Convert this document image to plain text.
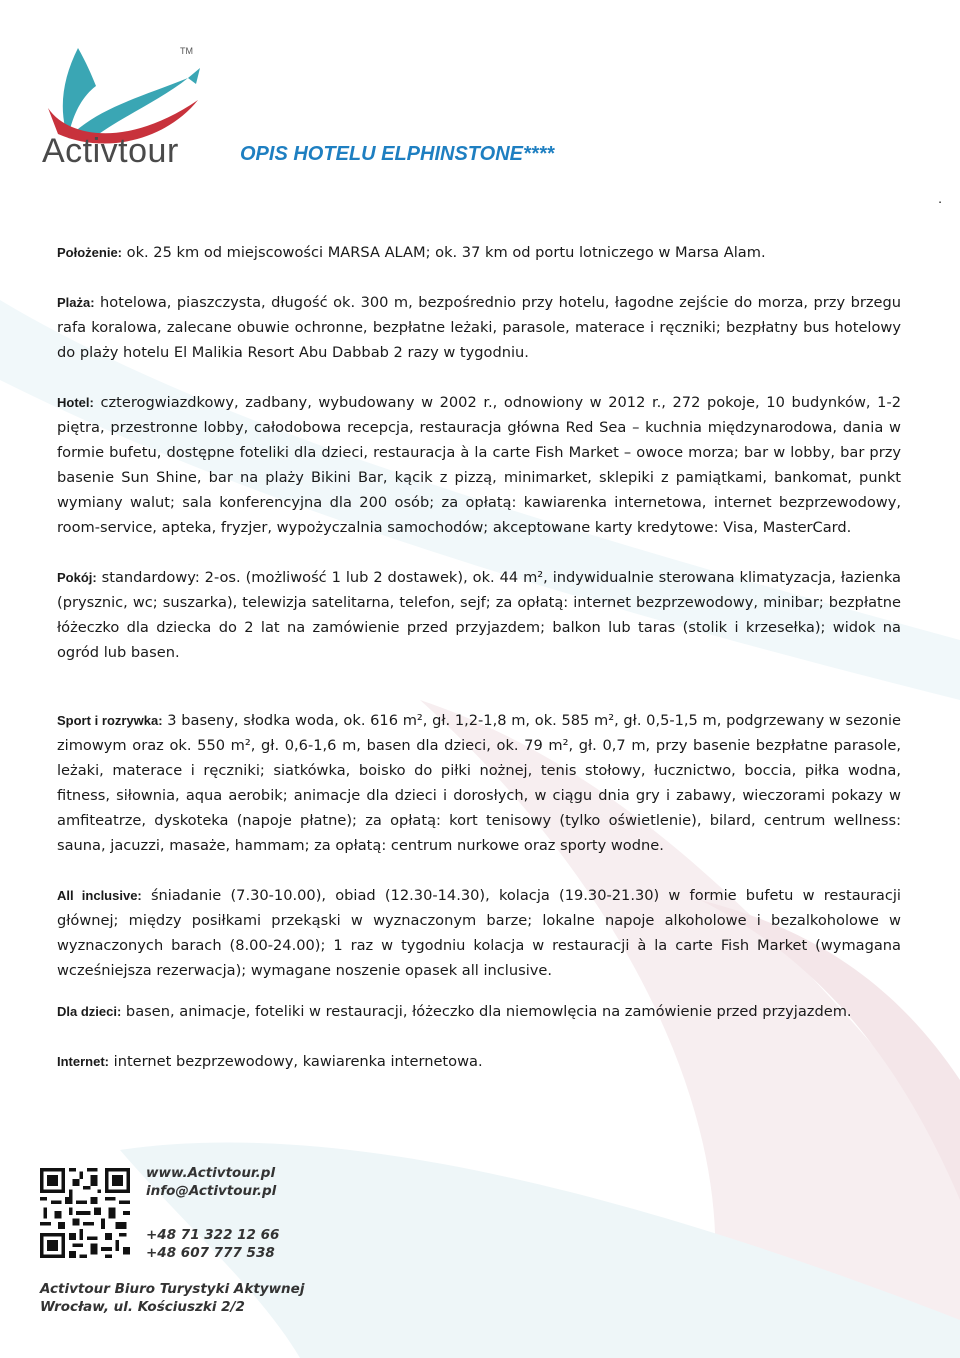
TM
Activtour	OPIS HOTELU ELPHINSTONE****
.

Położenie: ok. 25 km od miejscowości MARSA ALAM; ok. 37 km od portu lotniczego w Marsa Alam.

Plaża: hotelowa, piaszczysta, długość ok. 300 m, bezpośrednio przy hotelu, łagodne zejście do morza, przy brzegu rafa koralowa, zalecane obuwie ochronne, bezpłatne leżaki, parasole, materace i ręczniki; bezpłatny bus hotelowy do plaży hotelu El Malikia Resort Abu Dabbab 2 razy w tygodniu.

Hotel: czterogwiazdkowy, zadbany, wybudowany w 2002 r., odnowiony w 2012 r., 272 pokoje, 10 budynków, 1-2 piętra, przestronne lobby, całodobowa recepcja, restauracja główna Red Sea – kuchnia międzynarodowa, dania w formie bufetu, dostępne foteliki dla dzieci, restauracja à la carte Fish Market – owoce morza; bar w lobby, bar przy basenie Sun Shine, bar na plaży Bikini Bar, kącik z pizzą, minimarket, sklepiki z pamiątkami, bankomat, punkt wymiany walut; sala konferencyjna dla 200 osób; za opłatą: kawiarenka internetowa, internet bezprzewodowy, room-service, apteka, fryzjer, wypożyczalnia samochodów; akceptowane karty kredytowe: Visa, MasterCard.

Pokój: standardowy: 2-os. (możliwość 1 lub 2 dostawek), ok. 44 m², indywidualnie sterowana klimatyzacja, łazienka (prysznic, wc; suszarka), telewizja satelitarna, telefon, sejf; za opłatą: internet bezprzewodowy, minibar; bezpłatne łóżeczko dla dziecka do 2 lat na zamówienie przed przyjazdem; balkon lub taras (stolik i krzesełka); widok na ogród lub basen.

Sport i rozrywka: 3 baseny, słodka woda, ok. 616 m², gł. 1,2-1,8 m, ok. 585 m², gł. 0,5-1,5 m, podgrzewany w sezonie zimowym oraz ok. 550 m², gł. 0,6-1,6 m, basen dla dzieci, ok. 79 m², gł. 0,7 m, przy basenie bezpłatne parasole, leżaki, materace i ręczniki; siatkówka, boisko do piłki nożnej, tenis stołowy, łucznictwo, boccia, piłka wodna, fitness, siłownia, aqua aerobik; animacje dla dzieci i dorosłych, w ciągu dnia gry i zabawy, wieczorami pokazy w amfiteatrze, dyskoteka (napoje płatne); za opłatą: kort tenisowy (tylko oświetlenie), bilard, centrum wellness: sauna, jacuzzi, masaże, hammam; za opłatą: centrum nurkowe oraz sporty wodne.

All inclusive: śniadanie (7.30-10.00), obiad (12.30-14.30), kolacja (19.30-21.30) w formie bufetu w restauracji głównej; między posiłkami przekąski w wyznaczonym barze; lokalne napoje alkoholowe i bezalkoholowe w wyznaczonych barach (8.00-24.00); 1 raz w tygodniu kolacja w restauracji à la carte Fish Market (wymagana wcześniejsza rezerwacja); wymagane noszenie opasek all inclusive.

Dla dzieci: basen, animacje, foteliki w restauracji, łóżeczko dla niemowlęcia na zamówienie przed przyjazdem.

Internet: internet bezprzewodowy, kawiarenka internetowa.

www.Activtour.pl
info@Activtour.pl
+48 71 322 12 66
+48 607 777 538
Activtour Biuro Turystyki Aktywnej
Wrocław, ul. Kościuszki 2/2
